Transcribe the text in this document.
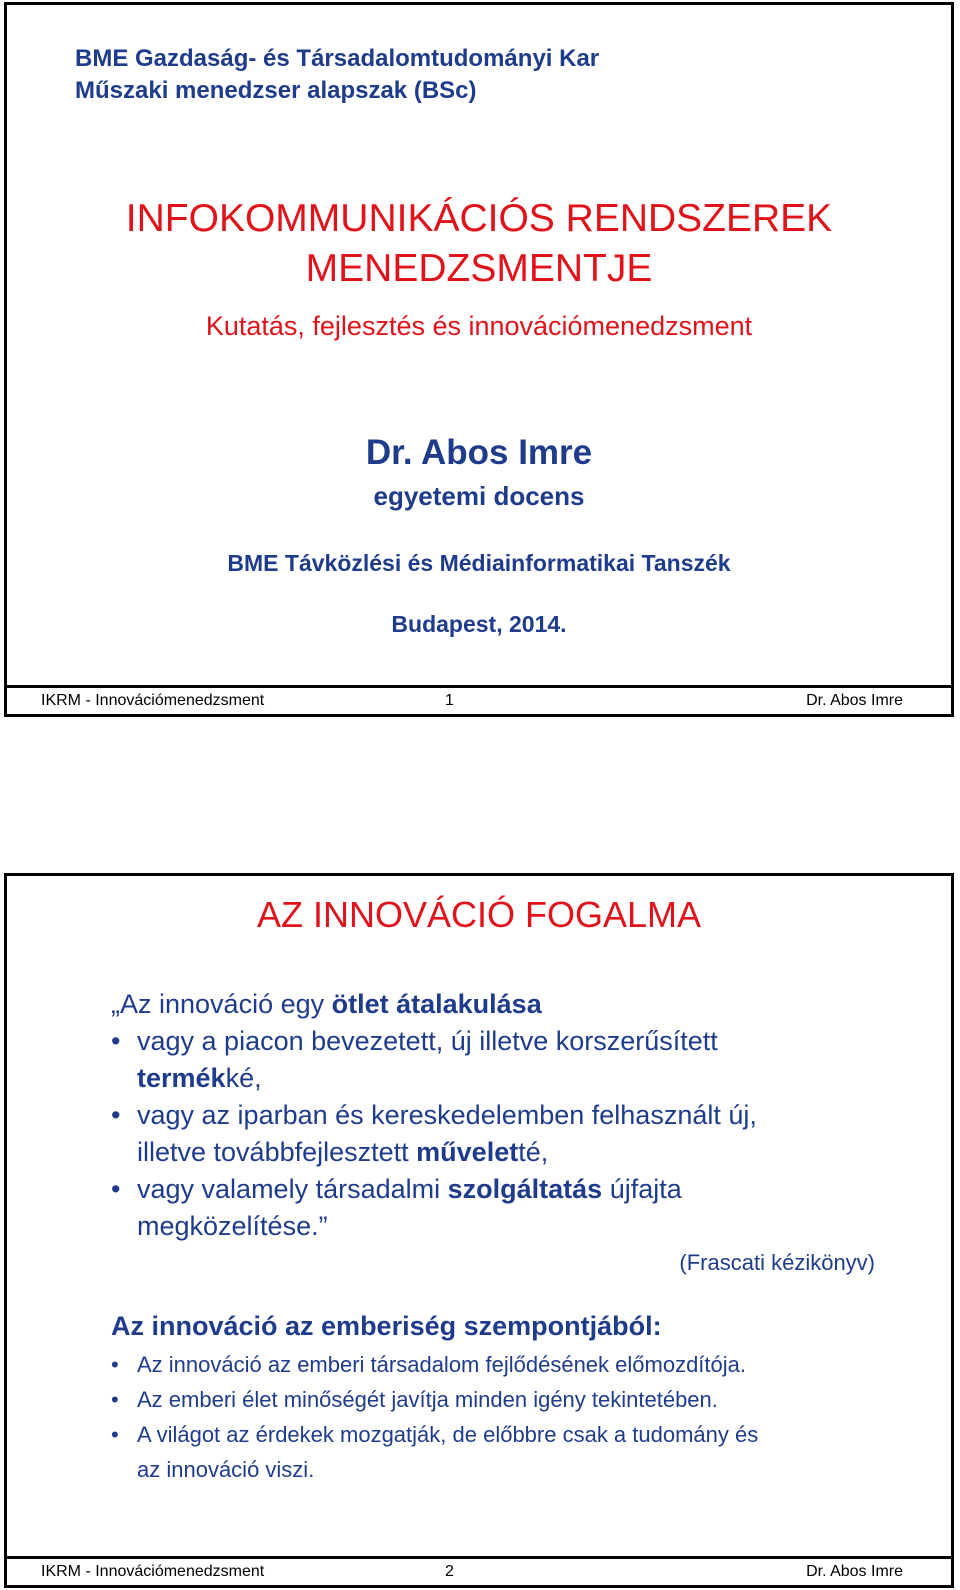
BME Gazdaság- és Társadalomtudományi Kar
Műszaki menedzser alapszak (BSc)
INFOKOMMUNIKÁCIÓS RENDSZEREK
MENEDZSMENTJE
Kutatás, fejlesztés és innovációmenedzsment
Dr. Abos Imre
egyetemi docens
BME Távközlési és Médiainformatikai Tanszék
Budapest, 2014.
IKRM - Innovációmenedzsment	1	Dr. Abos Imre
AZ INNOVÁCIÓ FOGALMA
„Az innováció egy ötlet átalakulása
• vagy a piacon bevezetett, új illetve korszerűsített
termékké,
• vagy az iparban és kereskedelemben felhasznált új,
illetve továbbfejlesztett műveletté,
• vagy valamely társadalmi szolgáltatás újfajta
megközelítése.”
(Frascati kézikönyv)
Az innováció az emberiség szempontjából:
• Az innováció az emberi társadalom fejlődésének előmozdítója.
• Az emberi élet minőségét javítja minden igény tekintetében.
• A világot az érdekek mozgatják, de előbbre csak a tudomány és
az innováció viszi.
IKRM - Innovációmenedzsment	2	Dr. Abos Imre
